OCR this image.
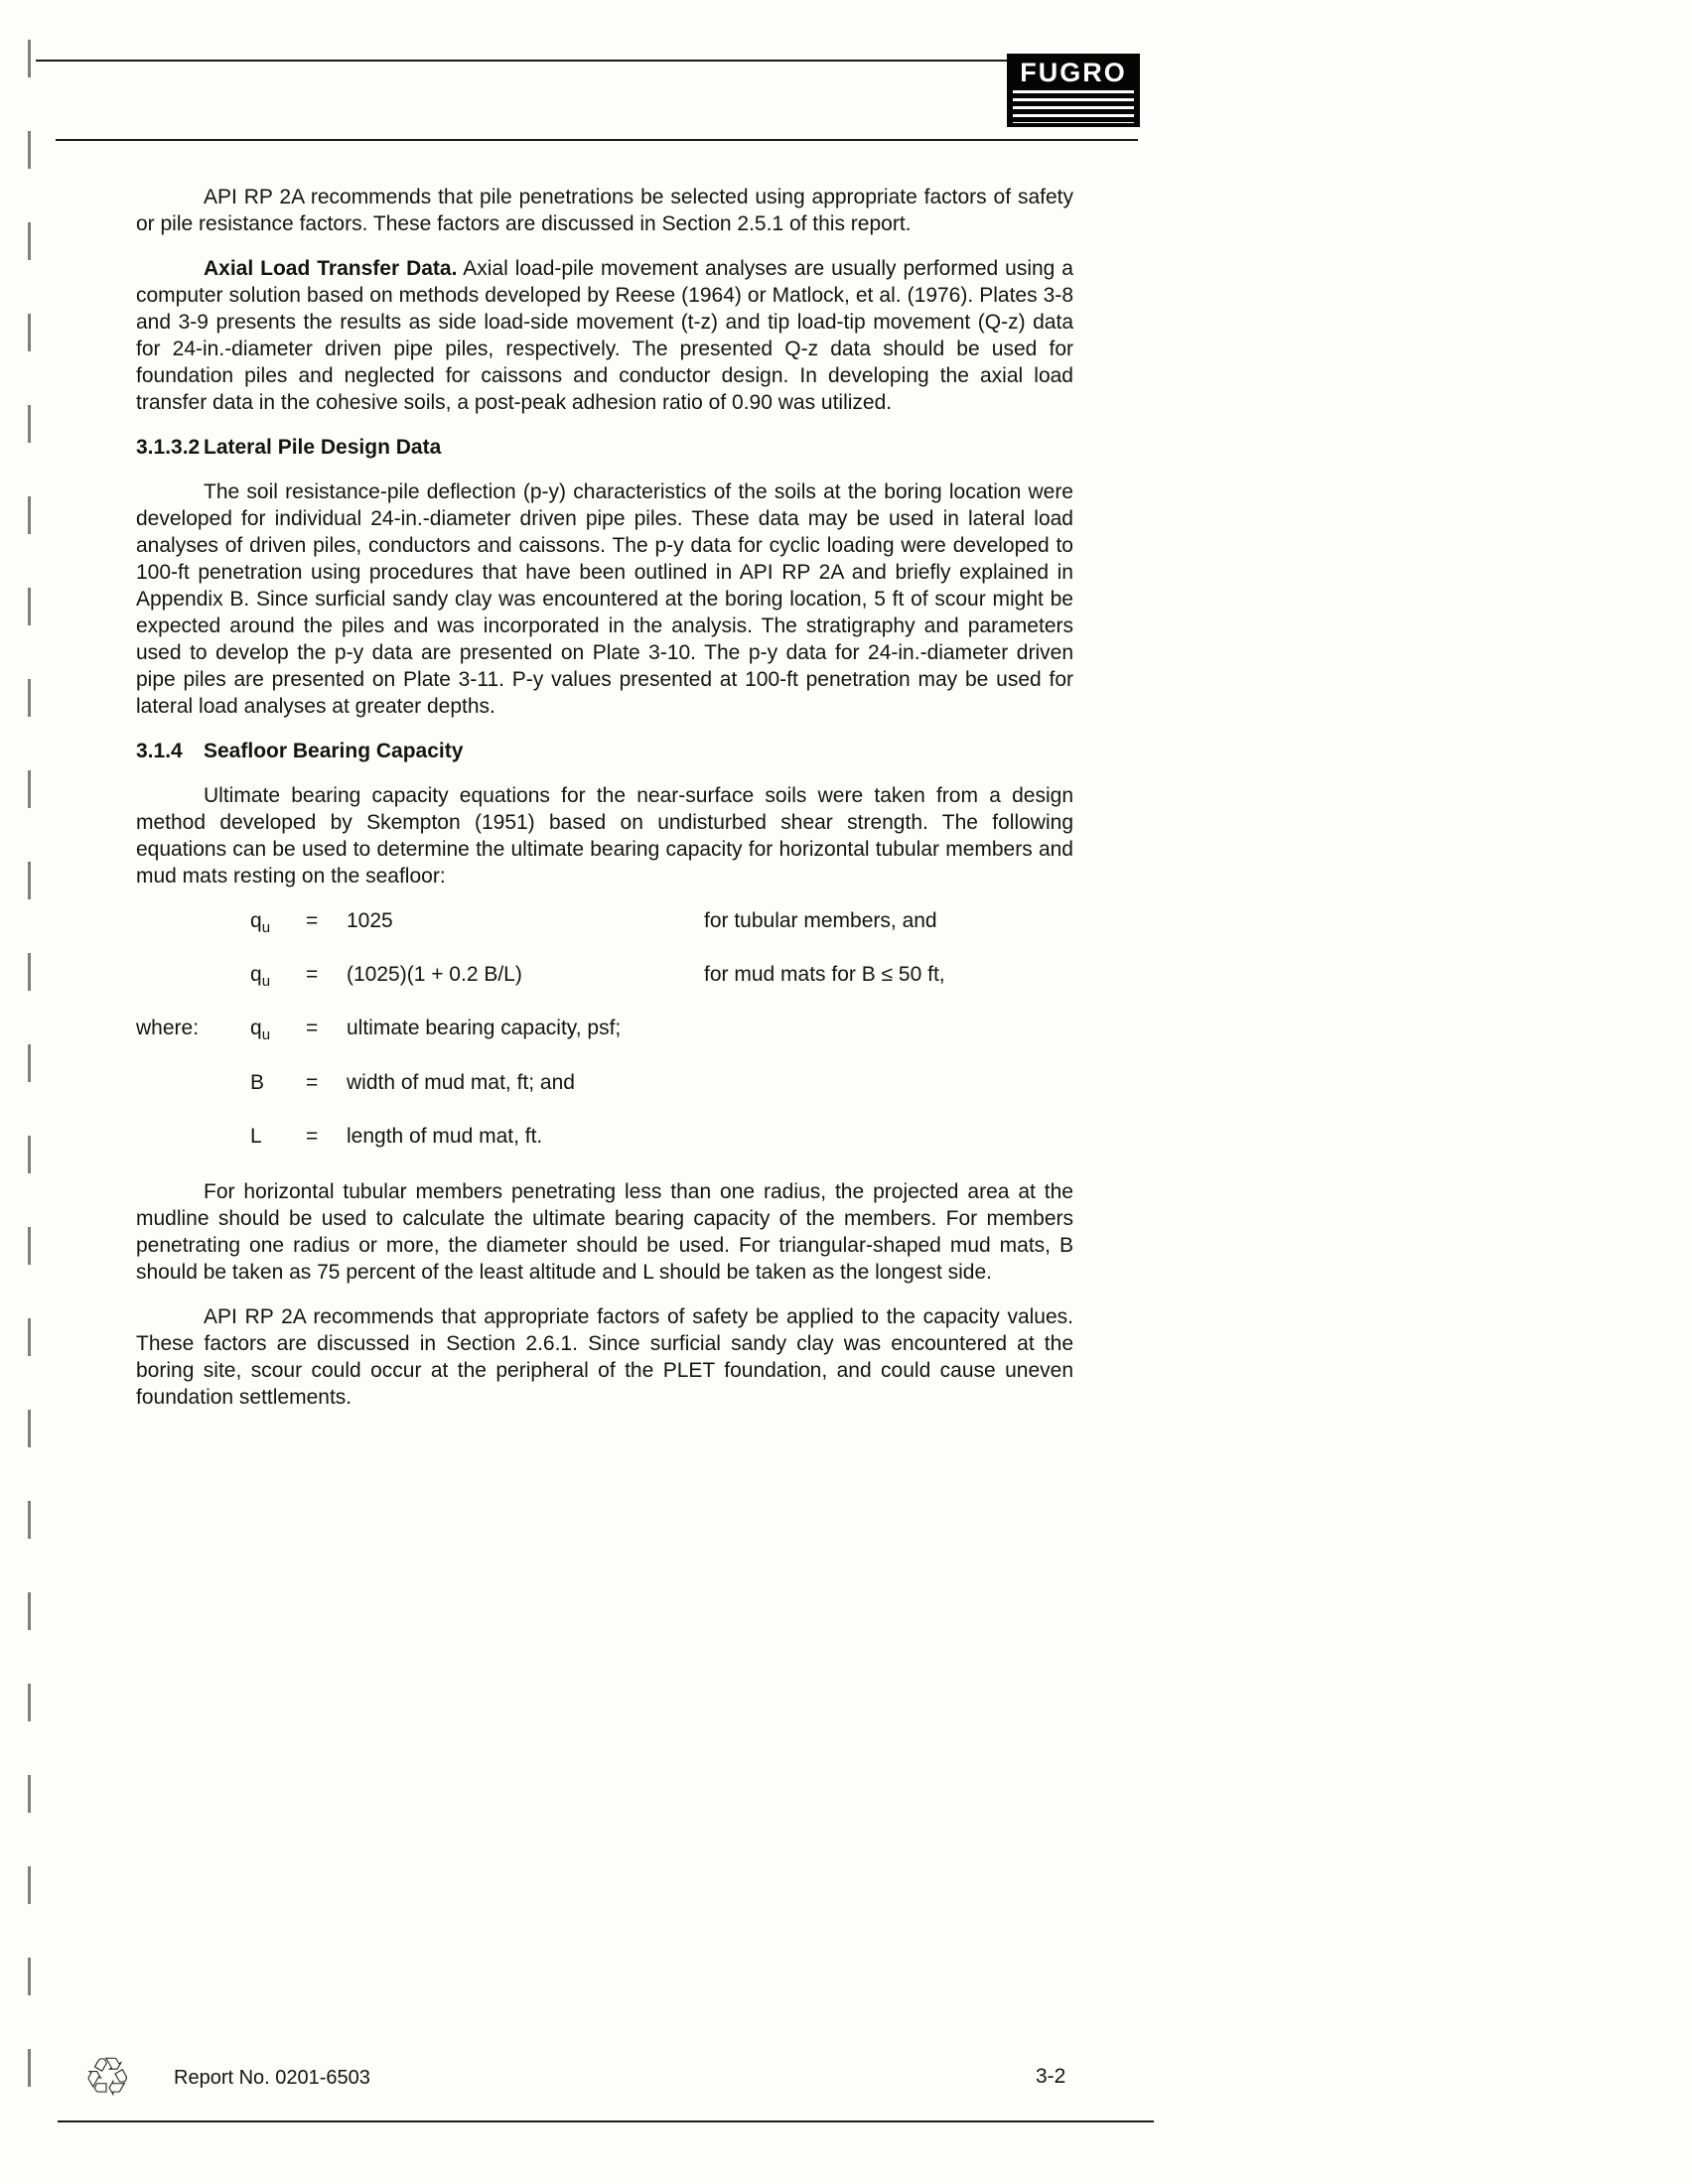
FUGRO

API RP 2A recommends that pile penetrations be selected using appropriate factors of safety or pile resistance factors. These factors are discussed in Section 2.5.1 of this report.

Axial Load Transfer Data. Axial load-pile movement analyses are usually performed using a computer solution based on methods developed by Reese (1964) or Matlock, et al. (1976). Plates 3-8 and 3-9 presents the results as side load-side movement (t-z) and tip load-tip movement (Q-z) data for 24-in.-diameter driven pipe piles, respectively. The presented Q-z data should be used for foundation piles and neglected for caissons and conductor design. In developing the axial load transfer data in the cohesive soils, a post-peak adhesion ratio of 0.90 was utilized.

3.1.3.2 Lateral Pile Design Data

The soil resistance-pile deflection (p-y) characteristics of the soils at the boring location were developed for individual 24-in.-diameter driven pipe piles. These data may be used in lateral load analyses of driven piles, conductors and caissons. The p-y data for cyclic loading were developed to 100-ft penetration using procedures that have been outlined in API RP 2A and briefly explained in Appendix B. Since surficial sandy clay was encountered at the boring location, 5 ft of scour might be expected around the piles and was incorporated in the analysis. The stratigraphy and parameters used to develop the p-y data are presented on Plate 3-10. The p-y data for 24-in.-diameter driven pipe piles are presented on Plate 3-11. P-y values presented at 100-ft penetration may be used for lateral load analyses at greater depths.

3.1.4	Seafloor Bearing Capacity

Ultimate bearing capacity equations for the near-surface soils were taken from a design method developed by Skempton (1951) based on undisturbed shear strength. The following equations can be used to determine the ultimate bearing capacity for horizontal tubular members and mud mats resting on the seafloor:

$q_u$	=	1025	for tubular members, and
$q_u$	=	(1025)(1 + 0.2 B/L)	for mud mats for B ≤ 50 ft,
where:	$q_u$	=	ultimate bearing capacity, psf;
B	=	width of mud mat, ft; and
L	=	length of mud mat, ft.

For horizontal tubular members penetrating less than one radius, the projected area at the mudline should be used to calculate the ultimate bearing capacity of the members. For members penetrating one radius or more, the diameter should be used. For triangular-shaped mud mats, B should be taken as 75 percent of the least altitude and L should be taken as the longest side.

API RP 2A recommends that appropriate factors of safety be applied to the capacity values. These factors are discussed in Section 2.6.1. Since surficial sandy clay was encountered at the boring site, scour could occur at the peripheral of the PLET foundation, and could cause uneven foundation settlements.

♲ Report No. 0201-6503	3-2
